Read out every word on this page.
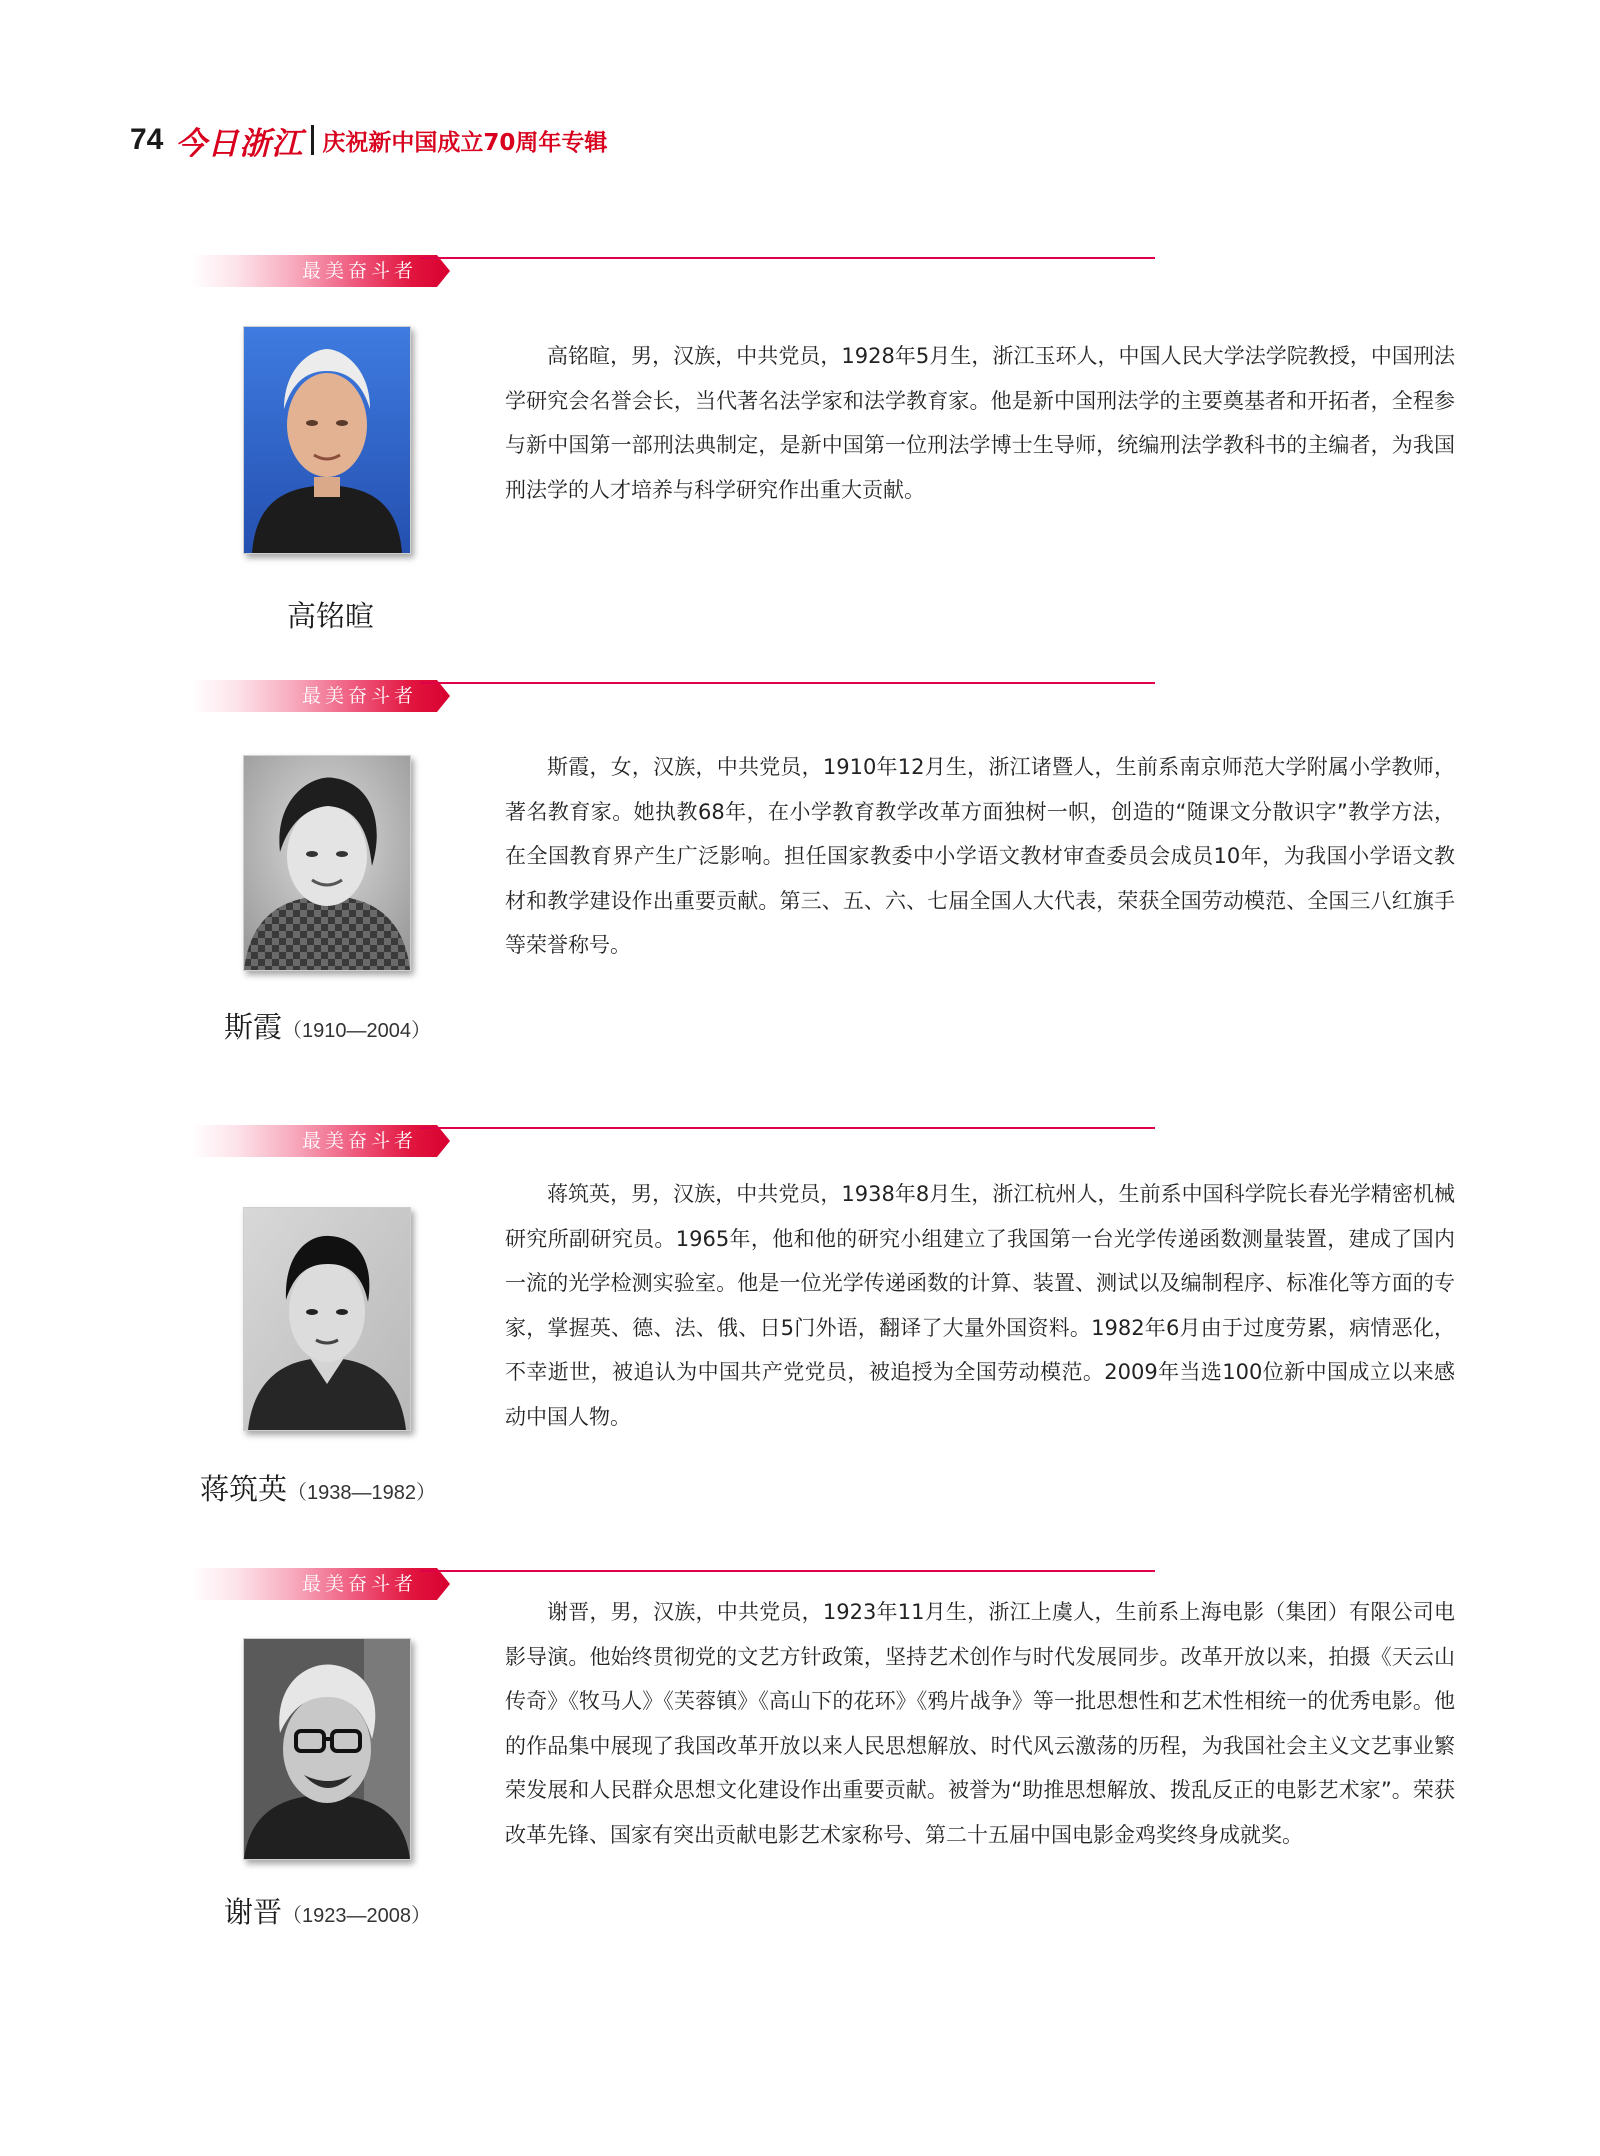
74 今日浙江 庆祝新中国成立70周年专辑
最美奋斗者
高铭暄

高铭暄，男，汉族，中共党员，1928年5月生，浙江玉环人，中国人民大学法学院教授，中国刑法学研究会名誉会长，当代著名法学家和法学教育家。他是新中国刑法学的主要奠基者和开拓者，全程参与新中国第一部刑法典制定，是新中国第一位刑法学博士生导师，统编刑法学教科书的主编者，为我国刑法学的人才培养与科学研究作出重大贡献。

最美奋斗者
斯霞（1910—2004）

斯霞，女，汉族，中共党员，1910年12月生，浙江诸暨人，生前系南京师范大学附属小学教师，著名教育家。她执教68年，在小学教育教学改革方面独树一帜，创造的“随课文分散识字”教学方法，在全国教育界产生广泛影响。担任国家教委中小学语文教材审查委员会成员10年，为我国小学语文教材和教学建设作出重要贡献。第三、五、六、七届全国人大代表，荣获全国劳动模范、全国三八红旗手等荣誉称号。

最美奋斗者
蒋筑英（1938—1982）

蒋筑英，男，汉族，中共党员，1938年8月生，浙江杭州人，生前系中国科学院长春光学精密机械研究所副研究员。1965年，他和他的研究小组建立了我国第一台光学传递函数测量装置，建成了国内一流的光学检测实验室。他是一位光学传递函数的计算、装置、测试以及编制程序、标准化等方面的专家，掌握英、德、法、俄、日5门外语，翻译了大量外国资料。1982年6月由于过度劳累，病情恶化，不幸逝世，被追认为中国共产党党员，被追授为全国劳动模范。2009年当选100位新中国成立以来感动中国人物。

最美奋斗者
谢晋（1923—2008）

谢晋，男，汉族，中共党员，1923年11月生，浙江上虞人，生前系上海电影（集团）有限公司电影导演。他始终贯彻党的文艺方针政策，坚持艺术创作与时代发展同步。改革开放以来，拍摄《天云山传奇》《牧马人》《芙蓉镇》《高山下的花环》《鸦片战争》等一批思想性和艺术性相统一的优秀电影。他的作品集中展现了我国改革开放以来人民思想解放、时代风云激荡的历程，为我国社会主义文艺事业繁荣发展和人民群众思想文化建设作出重要贡献。被誉为“助推思想解放、拨乱反正的电影艺术家”。荣获改革先锋、国家有突出贡献电影艺术家称号、第二十五届中国电影金鸡奖终身成就奖。
